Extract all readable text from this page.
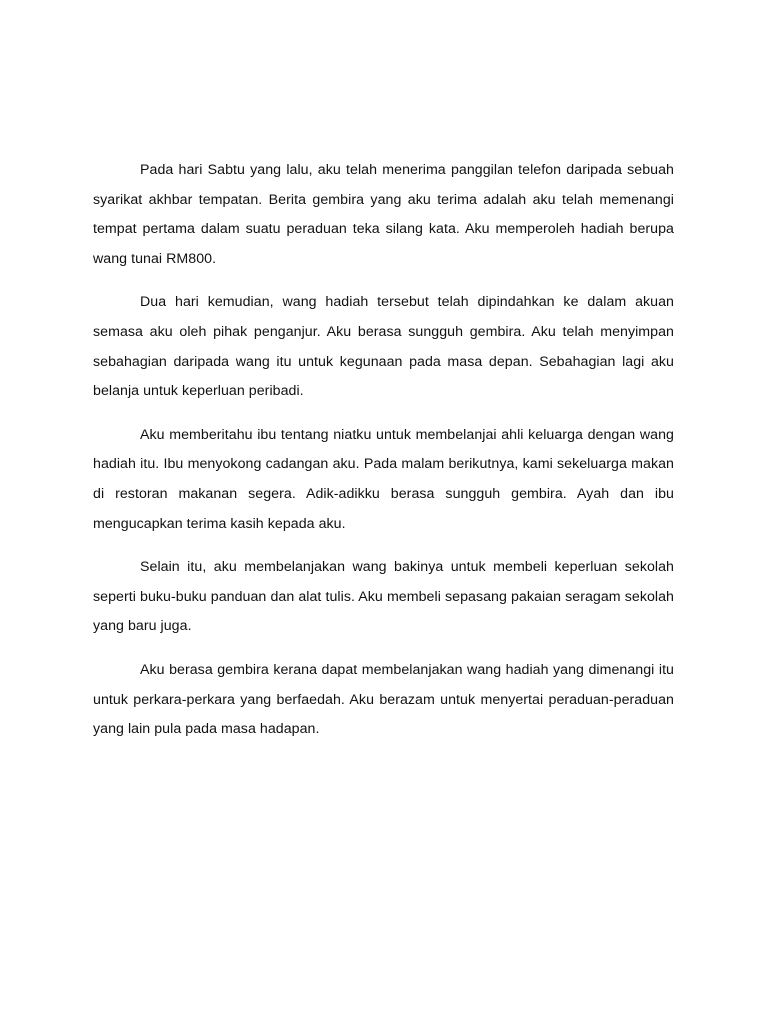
Pada hari Sabtu yang lalu, aku telah menerima panggilan telefon daripada sebuah syarikat akhbar tempatan. Berita gembira yang aku terima adalah aku telah memenangi tempat pertama dalam suatu peraduan teka silang kata. Aku memperoleh hadiah berupa wang tunai RM800.

Dua hari kemudian, wang hadiah tersebut telah dipindahkan ke dalam akuan semasa aku oleh pihak penganjur. Aku berasa sungguh gembira. Aku telah menyimpan sebahagian daripada wang itu untuk kegunaan pada masa depan. Sebahagian lagi aku belanja untuk keperluan peribadi.

Aku memberitahu ibu tentang niatku untuk membelanjai ahli keluarga dengan wang hadiah itu. Ibu menyokong cadangan aku. Pada malam berikutnya, kami sekeluarga makan di restoran makanan segera. Adik-adikku berasa sungguh gembira. Ayah dan ibu mengucapkan terima kasih kepada aku.

Selain itu, aku membelanjakan wang bakinya untuk membeli keperluan sekolah seperti buku-buku panduan dan alat tulis. Aku membeli sepasang pakaian seragam sekolah yang baru juga.

Aku berasa gembira kerana dapat membelanjakan wang hadiah yang dimenangi itu untuk perkara-perkara yang berfaedah. Aku berazam untuk menyertai peraduan-peraduan yang lain pula pada masa hadapan.
